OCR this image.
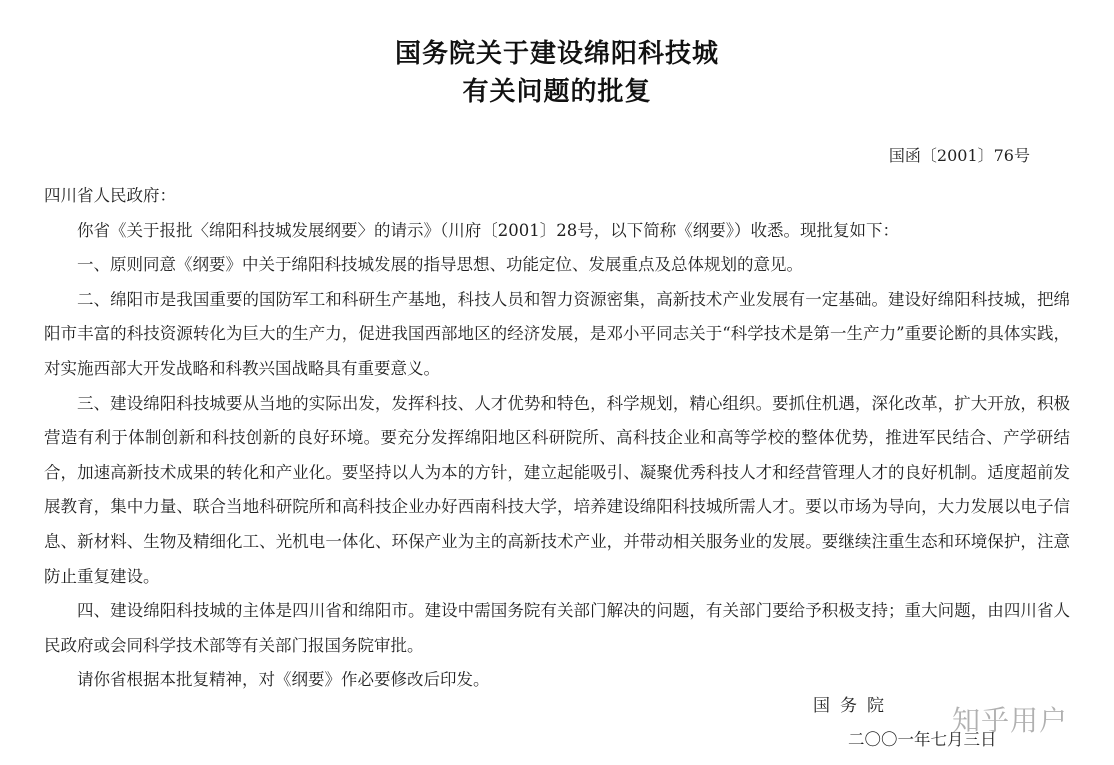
国务院关于建设绵阳科技城
有关问题的批复
国函〔2001〕76号

四川省人民政府：

你省《关于报批〈绵阳科技城发展纲要〉的请示》（川府〔2001〕28号，以下简称《纲要》）收悉。现批复如下：

一、原则同意《纲要》中关于绵阳科技城发展的指导思想、功能定位、发展重点及总体规划的意见。

二、绵阳市是我国重要的国防军工和科研生产基地，科技人员和智力资源密集，高新技术产业发展有一定基础。建设好绵阳科技城，把绵阳市丰富的科技资源转化为巨大的生产力，促进我国西部地区的经济发展，是邓小平同志关于“科学技术是第一生产力”重要论断的具体实践，对实施西部大开发战略和科教兴国战略具有重要意义。

三、建设绵阳科技城要从当地的实际出发，发挥科技、人才优势和特色，科学规划，精心组织。要抓住机遇，深化改革，扩大开放，积极营造有利于体制创新和科技创新的良好环境。要充分发挥绵阳地区科研院所、高科技企业和高等学校的整体优势，推进军民结合、产学研结合，加速高新技术成果的转化和产业化。要坚持以人为本的方针，建立起能吸引、凝聚优秀科技人才和经营管理人才的良好机制。适度超前发展教育，集中力量、联合当地科研院所和高科技企业办好西南科技大学，培养建设绵阳科技城所需人才。要以市场为导向，大力发展以电子信息、新材料、生物及精细化工、光机电一体化、环保产业为主的高新技术产业，并带动相关服务业的发展。要继续注重生态和环境保护，注意防止重复建设。

四、建设绵阳科技城的主体是四川省和绵阳市。建设中需国务院有关部门解决的问题，有关部门要给予积极支持；重大问题，由四川省人民政府或会同科学技术部等有关部门报国务院审批。

请你省根据本批复精神，对《纲要》作必要修改后印发。

国务院
二〇〇一年七月三日
知乎用户
